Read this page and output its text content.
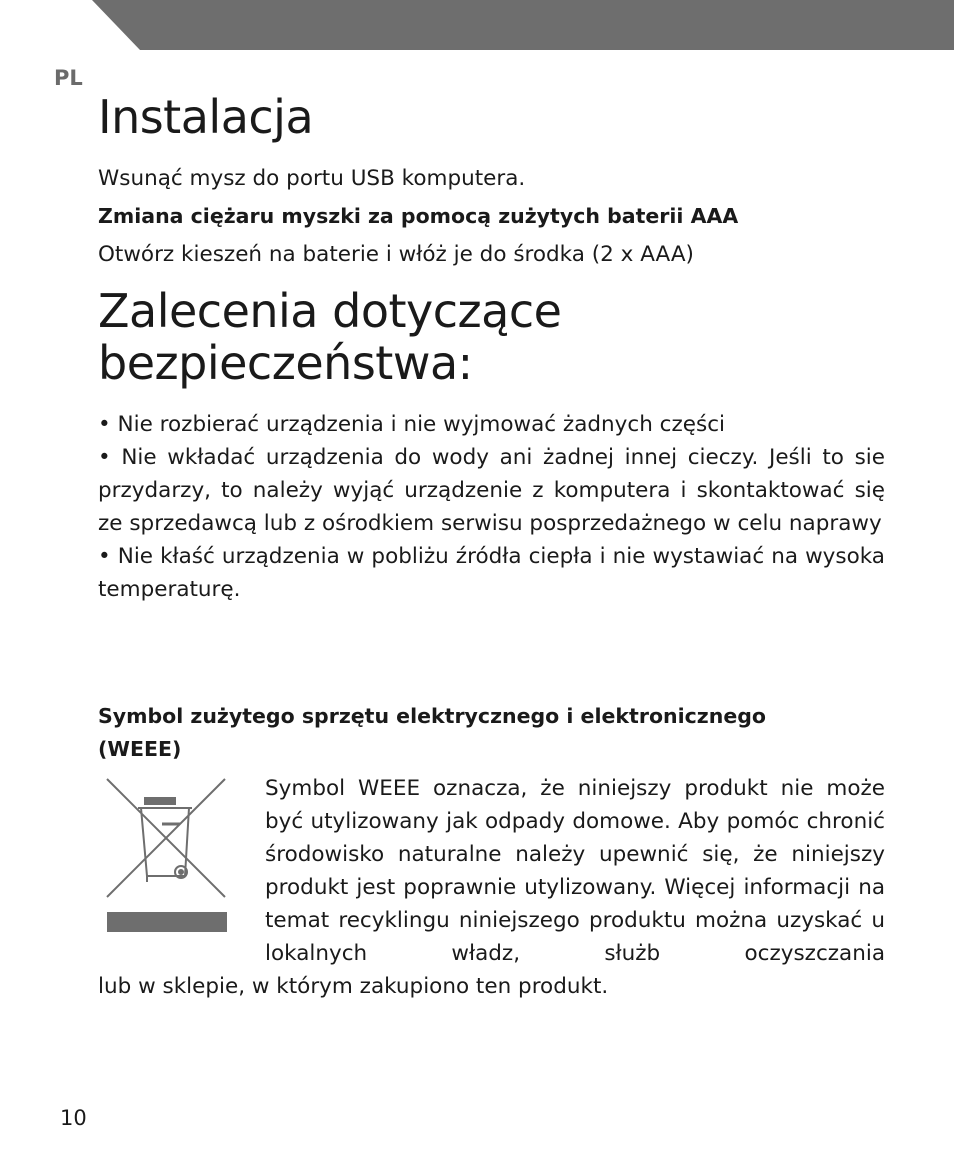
PL
Instalacja

Wsunąć mysz do portu USB komputera.

Zmiana ciężaru myszki za pomocą zużytych baterii AAA

Otwórz kieszeń na baterie i włóż je do środka (2 x AAA)

Zalecenia dotyczące
bezpieczeństwa:

• Nie rozbierać urządzenia i nie wyjmować żadnych części

• Nie wkładać urządzenia do wody ani żadnej innej cieczy. Jeśli to sie przydarzy, to należy wyjąć urządzenie z komputera i skontaktować się ze sprzedawcą lub z ośrodkiem serwisu posprzedażnego w celu naprawy

• Nie kłaść urządzenia w pobliżu źródła ciepła i nie wystawiać na wysoka temperaturę.

Symbol zużytego sprzętu elektrycznego i elektronicznego

(WEEE)

Symbol WEEE oznacza, że niniejszy produkt nie może być utylizowany jak odpady domowe. Aby pomóc chronić środowisko naturalne należy upewnić się, że niniejszy produkt jest poprawnie utylizowany. Więcej informacji na temat recyklingu niniejszego produktu można uzyskać u lokalnych władz, służb oczyszczania

lub w sklepie, w którym zakupiono ten produkt.

10
